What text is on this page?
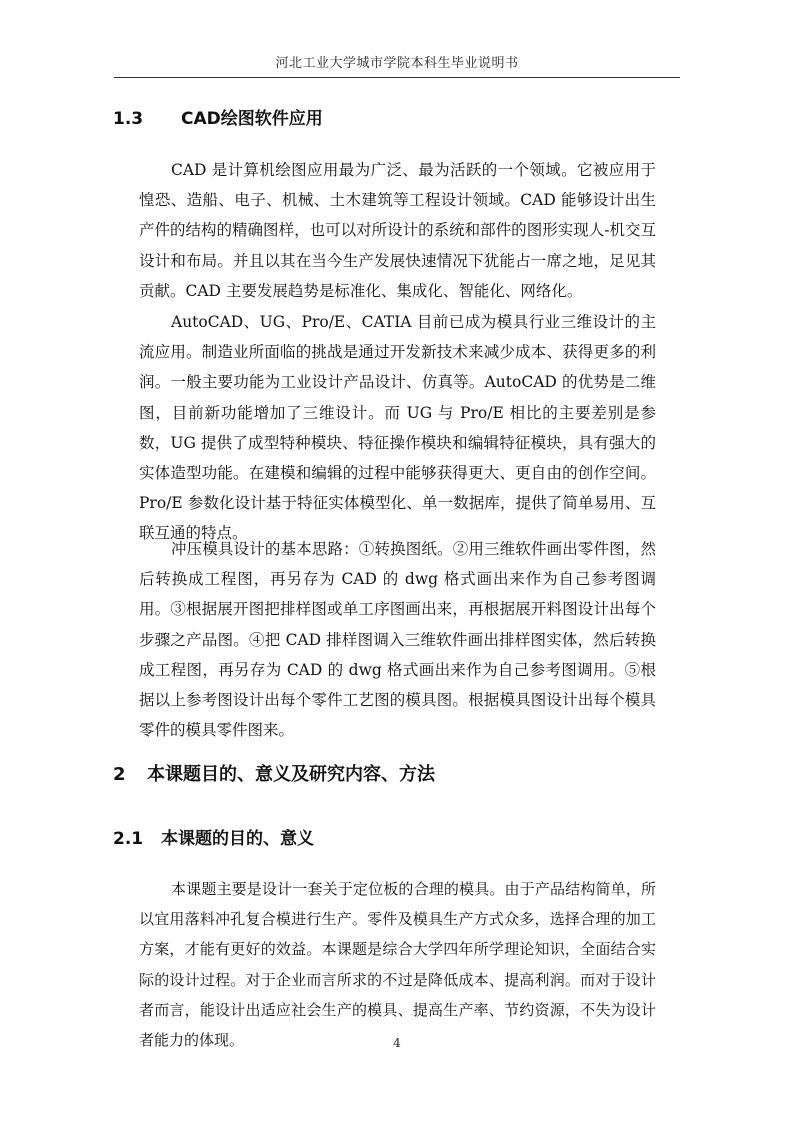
河北工业大学城市学院本科生毕业说明书
1.3 CAD绘图软件应用

CAD 是计算机绘图应用最为广泛、最为活跃的一个领域。它被应用于惶恐、造船、电子、机械、土木建筑等工程设计领域。CAD 能够设计出生产件的结构的精确图样，也可以对所设计的系统和部件的图形实现人-机交互设计和布局。并且以其在当今生产发展快速情况下犹能占一席之地，足见其贡献。CAD 主要发展趋势是标准化、集成化、智能化、网络化。

AutoCAD、UG、Pro/E、CATIA 目前已成为模具行业三维设计的主流应用。制造业所面临的挑战是通过开发新技术来减少成本、获得更多的利润。一般主要功能为工业设计产品设计、仿真等。AutoCAD 的优势是二维图，目前新功能增加了三维设计。而 UG 与 Pro/E 相比的主要差别是参数，UG 提供了成型特种模块、特征操作模块和编辑特征模块，具有强大的实体造型功能。在建模和编辑的过程中能够获得更大、更自由的创作空间。Pro/E 参数化设计基于特征实体模型化、单一数据库，提供了简单易用、互联互通的特点。

冲压模具设计的基本思路：①转换图纸。②用三维软件画出零件图，然后转换成工程图，再另存为 CAD 的 dwg 格式画出来作为自己参考图调用。③根据展开图把排样图或单工序图画出来，再根据展开料图设计出每个步骤之产品图。④把 CAD 排样图调入三维软件画出排样图实体，然后转换成工程图，再另存为 CAD 的 dwg 格式画出来作为自己参考图调用。⑤根据以上参考图设计出每个零件工艺图的模具图。根据模具图设计出每个模具零件的模具零件图来。

2 本课题目的、意义及研究内容、方法
2.1 本课题的目的、意义

本课题主要是设计一套关于定位板的合理的模具。由于产品结构简单，所以宜用落料冲孔复合模进行生产。零件及模具生产方式众多，选择合理的加工方案，才能有更好的效益。本课题是综合大学四年所学理论知识，全面结合实际的设计过程。对于企业而言所求的不过是降低成本、提高利润。而对于设计者而言，能设计出适应社会生产的模具、提高生产率、节约资源，不失为设计者能力的体现。	4
